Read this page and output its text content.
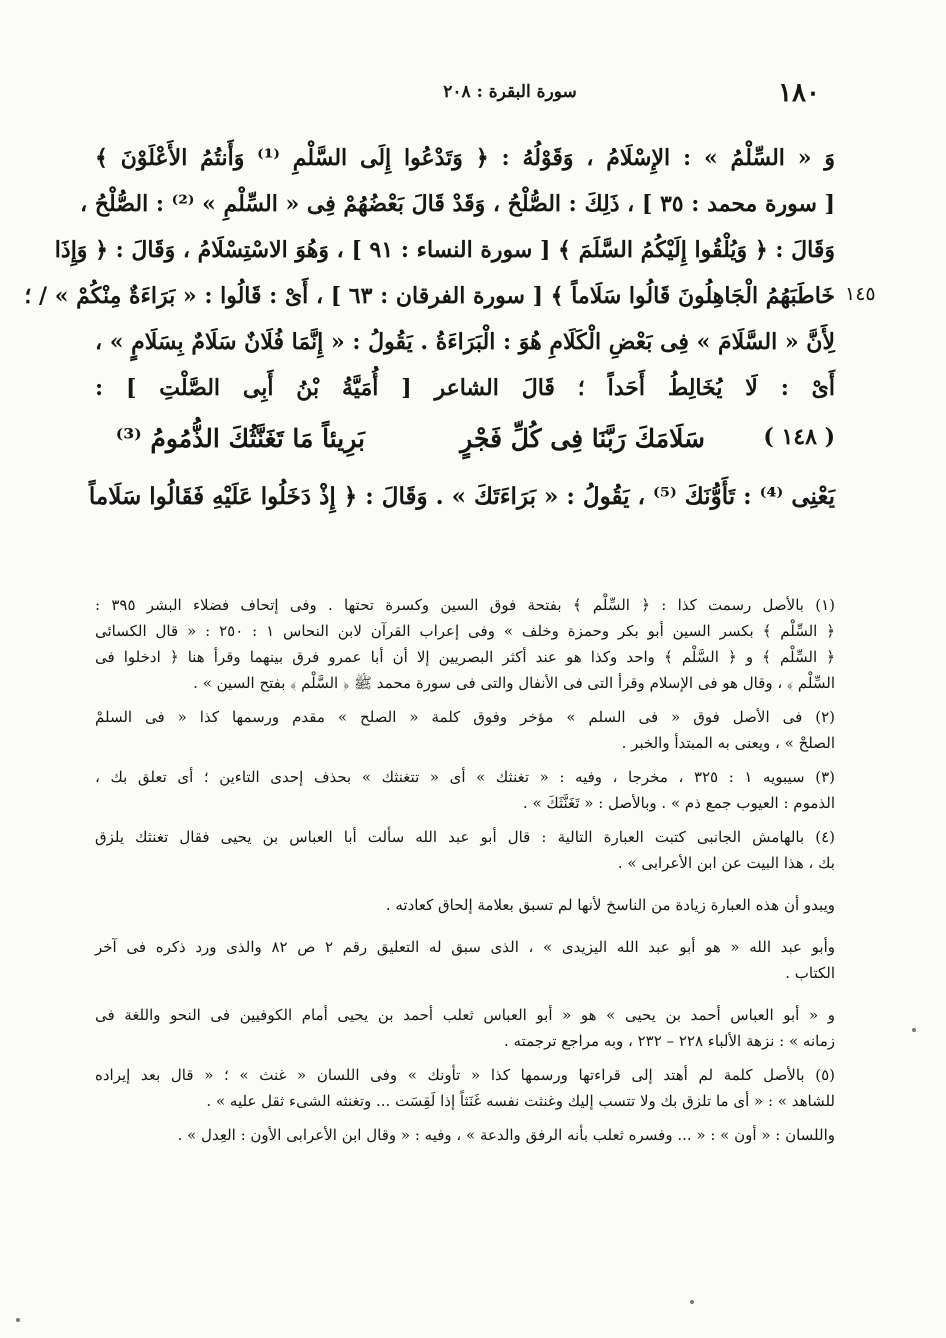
١٨٠
سورة البقرة : ٢٠٨
١٤٥
وَ « السِّلْمُ » : الإِسْلَامُ ، وَقَوْلُهُ : ﴿ وَتَدْعُوا إِلَى السَّلْمِ ⁽¹⁾ وَأَنتُمُ الأَعْلَوْنَ ﴾
[ سورة محمد : ٣٥ ] ، ذَلِكَ : الصُّلْحُ ، وَقَدْ قَالَ بَعْضُهُمْ فِى « السِّلْمِ » ⁽²⁾ : الصُّلْحُ ،
وَقَالَ : ﴿ وَيُلْقُوا إِلَيْكُمُ السَّلَمَ ﴾ [ سورة النساء : ٩١ ] ، وَهُوَ الاسْتِسْلَامُ ، وَقَالَ : ﴿ وَإِذَا
خَاطَبَهُمُ الْجَاهِلُونَ قَالُوا سَلَاماً ﴾ [ سورة الفرقان : ٦٣ ] ، أَىْ : قَالُوا : « بَرَاءَةٌ مِنْكُمْ » / ؛
لِأَنَّ « السَّلَامَ » فِى بَعْضِ الْكَلَامِ هُوَ : الْبَرَاءَةُ . يَقُولُ : « إِنَّمَا فُلَانٌ سَلَامٌ بِسَلَامٍ » ،
أَىْ : لَا يُخَالِطُ أَحَداً ؛ قَالَ الشاعر [ أُمَيَّةُ بْنُ أَبِى الصَّلْتِ ] :
( ١٤٨ )
سَلَامَكَ رَبَّنَا فِى كُلِّ فَجْرٍ
بَرِيئاً مَا تَغَنَّثُكَ الذُّمُومُ ⁽³⁾
يَعْنِى ⁽⁴⁾ : تَأَوُّنَكَ ⁽⁵⁾ ، يَقُولُ : « بَرَاءَتَكَ » . وَقَالَ : ﴿ إِذْ دَخَلُوا عَلَيْهِ فَقَالُوا سَلَاماً
(١) بالأصل رسمت كذا : ﴿ السِّلْم ﴾ بفتحة فوق السين وكسرة تحتها . وفى إتحاف فضلاء البشر ٣٩٥ :
﴿ السِّلْم ﴾ بكسر السين أبو بكر وحمزة وخلف » وفى إعراب القرآن لابن النحاس ١ : ٢٥٠ : « قال الكسائى
﴿ السِّلْم ﴾ و ﴿ السَّلْم ﴾ واحد وكذا هو عند أكثر البصريين إلا أن أبا عمرو فرق بينهما وقرأ هنا ﴿ ادخلوا فى
السِّلْم ﴾ ، وقال هو فى الإسلام وقرأ التى فى الأنفال والتى فى سورة محمد ﷺ ﴿ السَّلْم ﴾ بفتح السين » .
(٢) فى الأصل فوق « فى السلم » مؤخر وفوق كلمة « الصلح » مقدم ورسمها كذا « فى السلمْ
الصلحْ » ، ويعنى به المبتدأ والخبر .
(٣) سيبويه ١ : ٣٢٥ ، مخرجا ، وفيه : « تغنثك » أى « تتغنثك » بحذف إحدى التاءين ؛ أى تعلق بك ،
الذموم : العيوب جمع ذم » . وبالأصل : « تَغَنَّثَكَ » .
(٤) بالهامش الجانبى كتبت العبارة التالية : قال أبو عبد الله سألت أبا العباس بن يحيى فقال تغنثك يلزق
بك ، هذا البيت عن ابن الأعرابى » .
ويبدو أن هذه العبارة زيادة من الناسخ لأنها لم تسبق بعلامة إلحاق كعادته .
وأبو عبد الله « هو أبو عبد الله اليزيدى » ، الذى سبق له التعليق رقم ٢ ص ٨٢ والذى ورد ذكره فى آخر
الكتاب .
و « أبو العباس أحمد بن يحيى » هو « أبو العباس ثعلب أحمد بن يحيى أمام الكوفيين فى النحو واللغة فى
زمانه » : نزهة الألباء ٢٢٨ – ٢٣٢ ، وبه مراجع ترجمته .
(٥) بالأصل كلمة لم أهتد إلى قراءتها ورسمها كذا « تأونك » وفى اللسان « غنث » ؛ « قال بعد إيراده
للشاهد » : « أى ما تلزق بك ولا تتسب إليك وغنثت نفسه غَنَثاً إذا لَقِسَت ... وتغنثه الشىء ثقل عليه » .
واللسان : « أون » : « ... وفسره ثعلب بأنه الرفق والدعة » ، وفيه : « وقال ابن الأعرابى الأون : العِدل » .
